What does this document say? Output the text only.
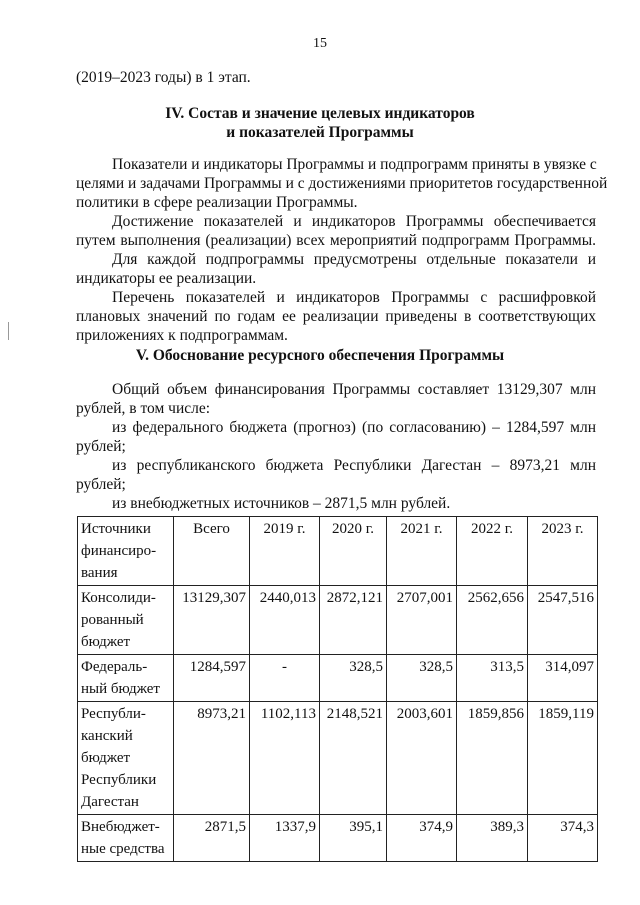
15
(2019–2023 годы) в 1 этап.
IV. Состав и значение целевых индикаторов
и показателей Программы
Показатели и индикаторы Программы и подпрограмм приняты в увязке с
целями и задачами Программы и с достижениями приоритетов государственной
политики в сфере реализации Программы.
Достижение показателей и индикаторов Программы обеспечивается
путем выполнения (реализации) всех мероприятий подпрограмм Программы.
Для каждой подпрограммы предусмотрены отдельные показатели и
индикаторы ее реализации.
Перечень показателей и индикаторов Программы с расшифровкой
плановых значений по годам ее реализации приведены в соответствующих
приложениях к подпрограммам.
V. Обоснование ресурсного обеспечения Программы
Общий объем финансирования Программы составляет 13129,307 млн
рублей, в том числе:
из федерального бюджета (прогноз) (по согласованию) – 1284,597 млн
рублей;
из республиканского бюджета Республики Дагестан – 8973,21 млн
рублей;
из внебюджетных источников – 2871,5 млн рублей.
Источники
финансиро-
вания	Всего	2019 г.	2020 г.	2021 г.	2022 г.	2023 г.

Консолиди-
рованный
бюджет	13129,307	2440,013	2872,121	2707,001	2562,656	2547,516

Федераль-
ный бюджет	1284,597	-	328,5	328,5	313,5	314,097

Республи-
канский
бюджет
Республики
Дагестан	8973,21	1102,113	2148,521	2003,601	1859,856	1859,119

Внебюджет-
ные средства	2871,5	1337,9	395,1	374,9	389,3	374,3
